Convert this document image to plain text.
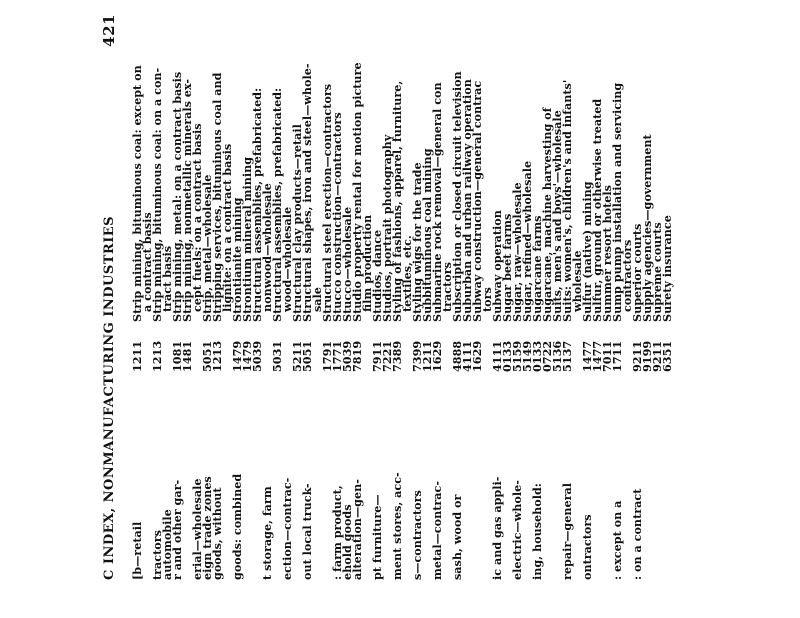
C INDEX, NONMANUFACTURING INDUSTRIES
421
[b—retail
1211
Strip mining, bituminous coal: except on
a contract basis
tractors
1213
Strip mining, bituminous coal: on a con-
automobile
tract basis
r and other gar-
1081
Strip mining, metal: on a contract basis
1481
Strip mining, nonmetallic minerals ex-
erial—wholesale
cept fuels: on a contract basis
eign trade zones
5051
Strip, metal—wholesale
goods, without
1213
Stripping services, bituminous coal and
lignite: on a contract basis
goods: combined
1479
Strontianite mining
1479
Strontium mineral mining
5039
Structural assemblies, prefabricated:
t storage, farm
nonwood—wholesale
5031
Structural assemblies, prefabricated:
ection—contrac-
wood—wholesale
5211
Structural clay products—retail
out local truck-
5051
Structural shapes, iron and steel—whole-
sale
1791
Structural steel erection—contractors
: farm product,
1771
Stucco construction—contractors
ehold goods
5039
Stucco—wholesale
alteration—gen-
7819
Studio property rental for motion picture
film production
pt furniture—
7911
Studios, dance
7221
Studios, portrait photography
ment stores, acc-
7389
Styling of fashions, apparel, furniture,
textiles, etc.
s—contractors
7399
Styling wigs for the trade
1211
Subbituminous coal mining
metal—contrac-
1629
Submarine rock removal—general con
tractors
sash, wood or
4888
Subscription or closed circuit television
4111
Suburban and urban railway operation
1629
Subway construction—general contrac
tors
ic and gas appli-
4111
Subway operation
0133
Sugar beet farms
electric—whole-
5159
Sugar, raw—wholesale
5149
Sugar, refined—wholesale
ing, household:
0133
Sugarcane farms
0722
Sugarcane, machine harvesting of
5136
Suits, men's and boys'—wholesale
repair—general
5137
Suits: women's, children's and infants'
wholesale
ontractors
1477
Sulfur (native) mining
1477
Sulfur, ground or otherwise treated
7011
Summer resort hotels
: except on a
1711
Sump pump installation and servicing
contractors
: on a contract
9211
Superior courts
9199
Supply agencies—government
9211
Supreme courts
6351
Surety insurance
